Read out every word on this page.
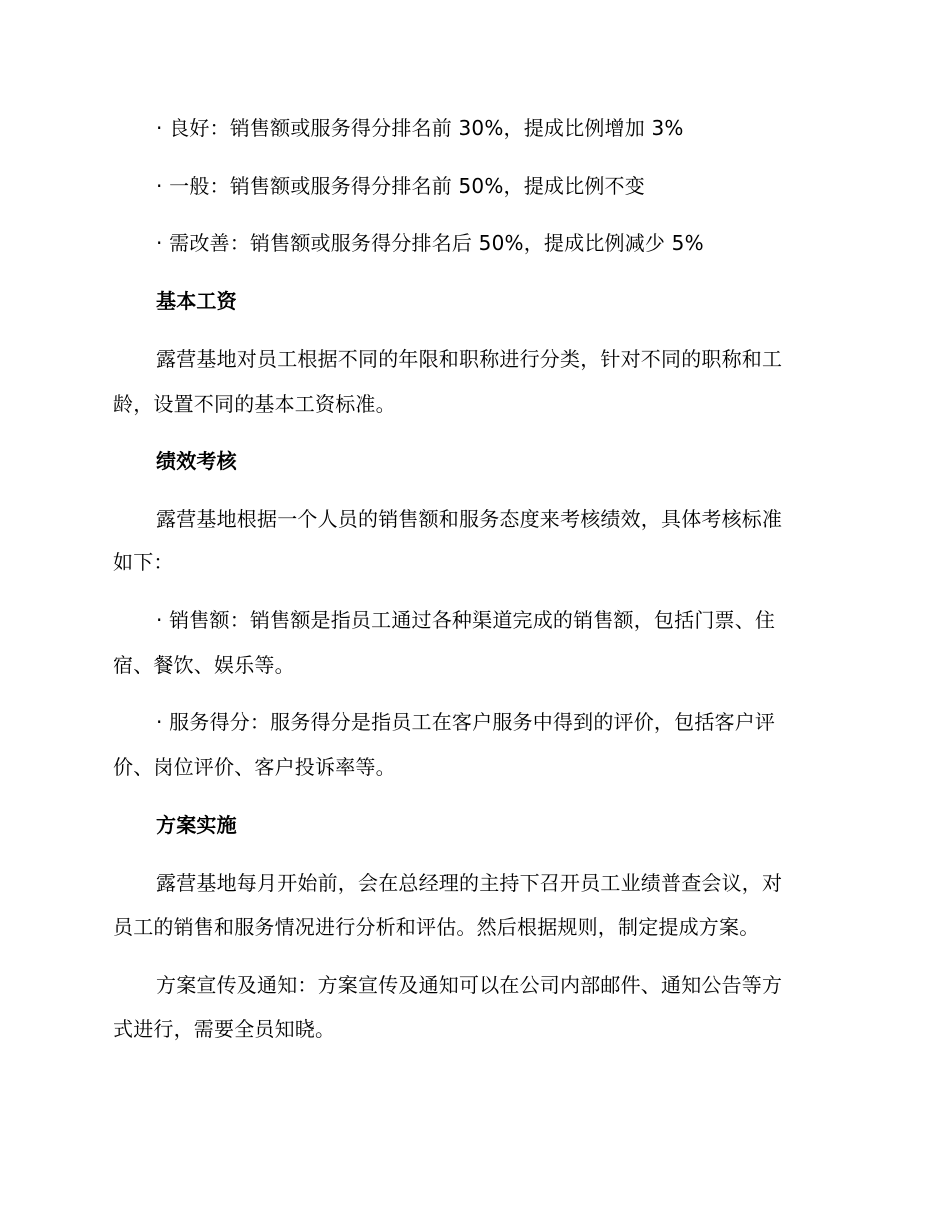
· 良好：销售额或服务得分排名前 30%，提成比例增加 3%
· 一般：销售额或服务得分排名前 50%，提成比例不变
· 需改善：销售额或服务得分排名后 50%，提成比例减少 5%
基本工资
露营基地对员工根据不同的年限和职称进行分类，针对不同的职称和工
龄，设置不同的基本工资标准。
绩效考核
露营基地根据一个人员的销售额和服务态度来考核绩效，具体考核标准
如下：
· 销售额：销售额是指员工通过各种渠道完成的销售额，包括门票、住
宿、餐饮、娱乐等。
· 服务得分：服务得分是指员工在客户服务中得到的评价，包括客户评
价、岗位评价、客户投诉率等。
方案实施
露营基地每月开始前，会在总经理的主持下召开员工业绩普查会议，对
员工的销售和服务情况进行分析和评估。然后根据规则，制定提成方案。
方案宣传及通知：方案宣传及通知可以在公司内部邮件、通知公告等方
式进行，需要全员知晓。
